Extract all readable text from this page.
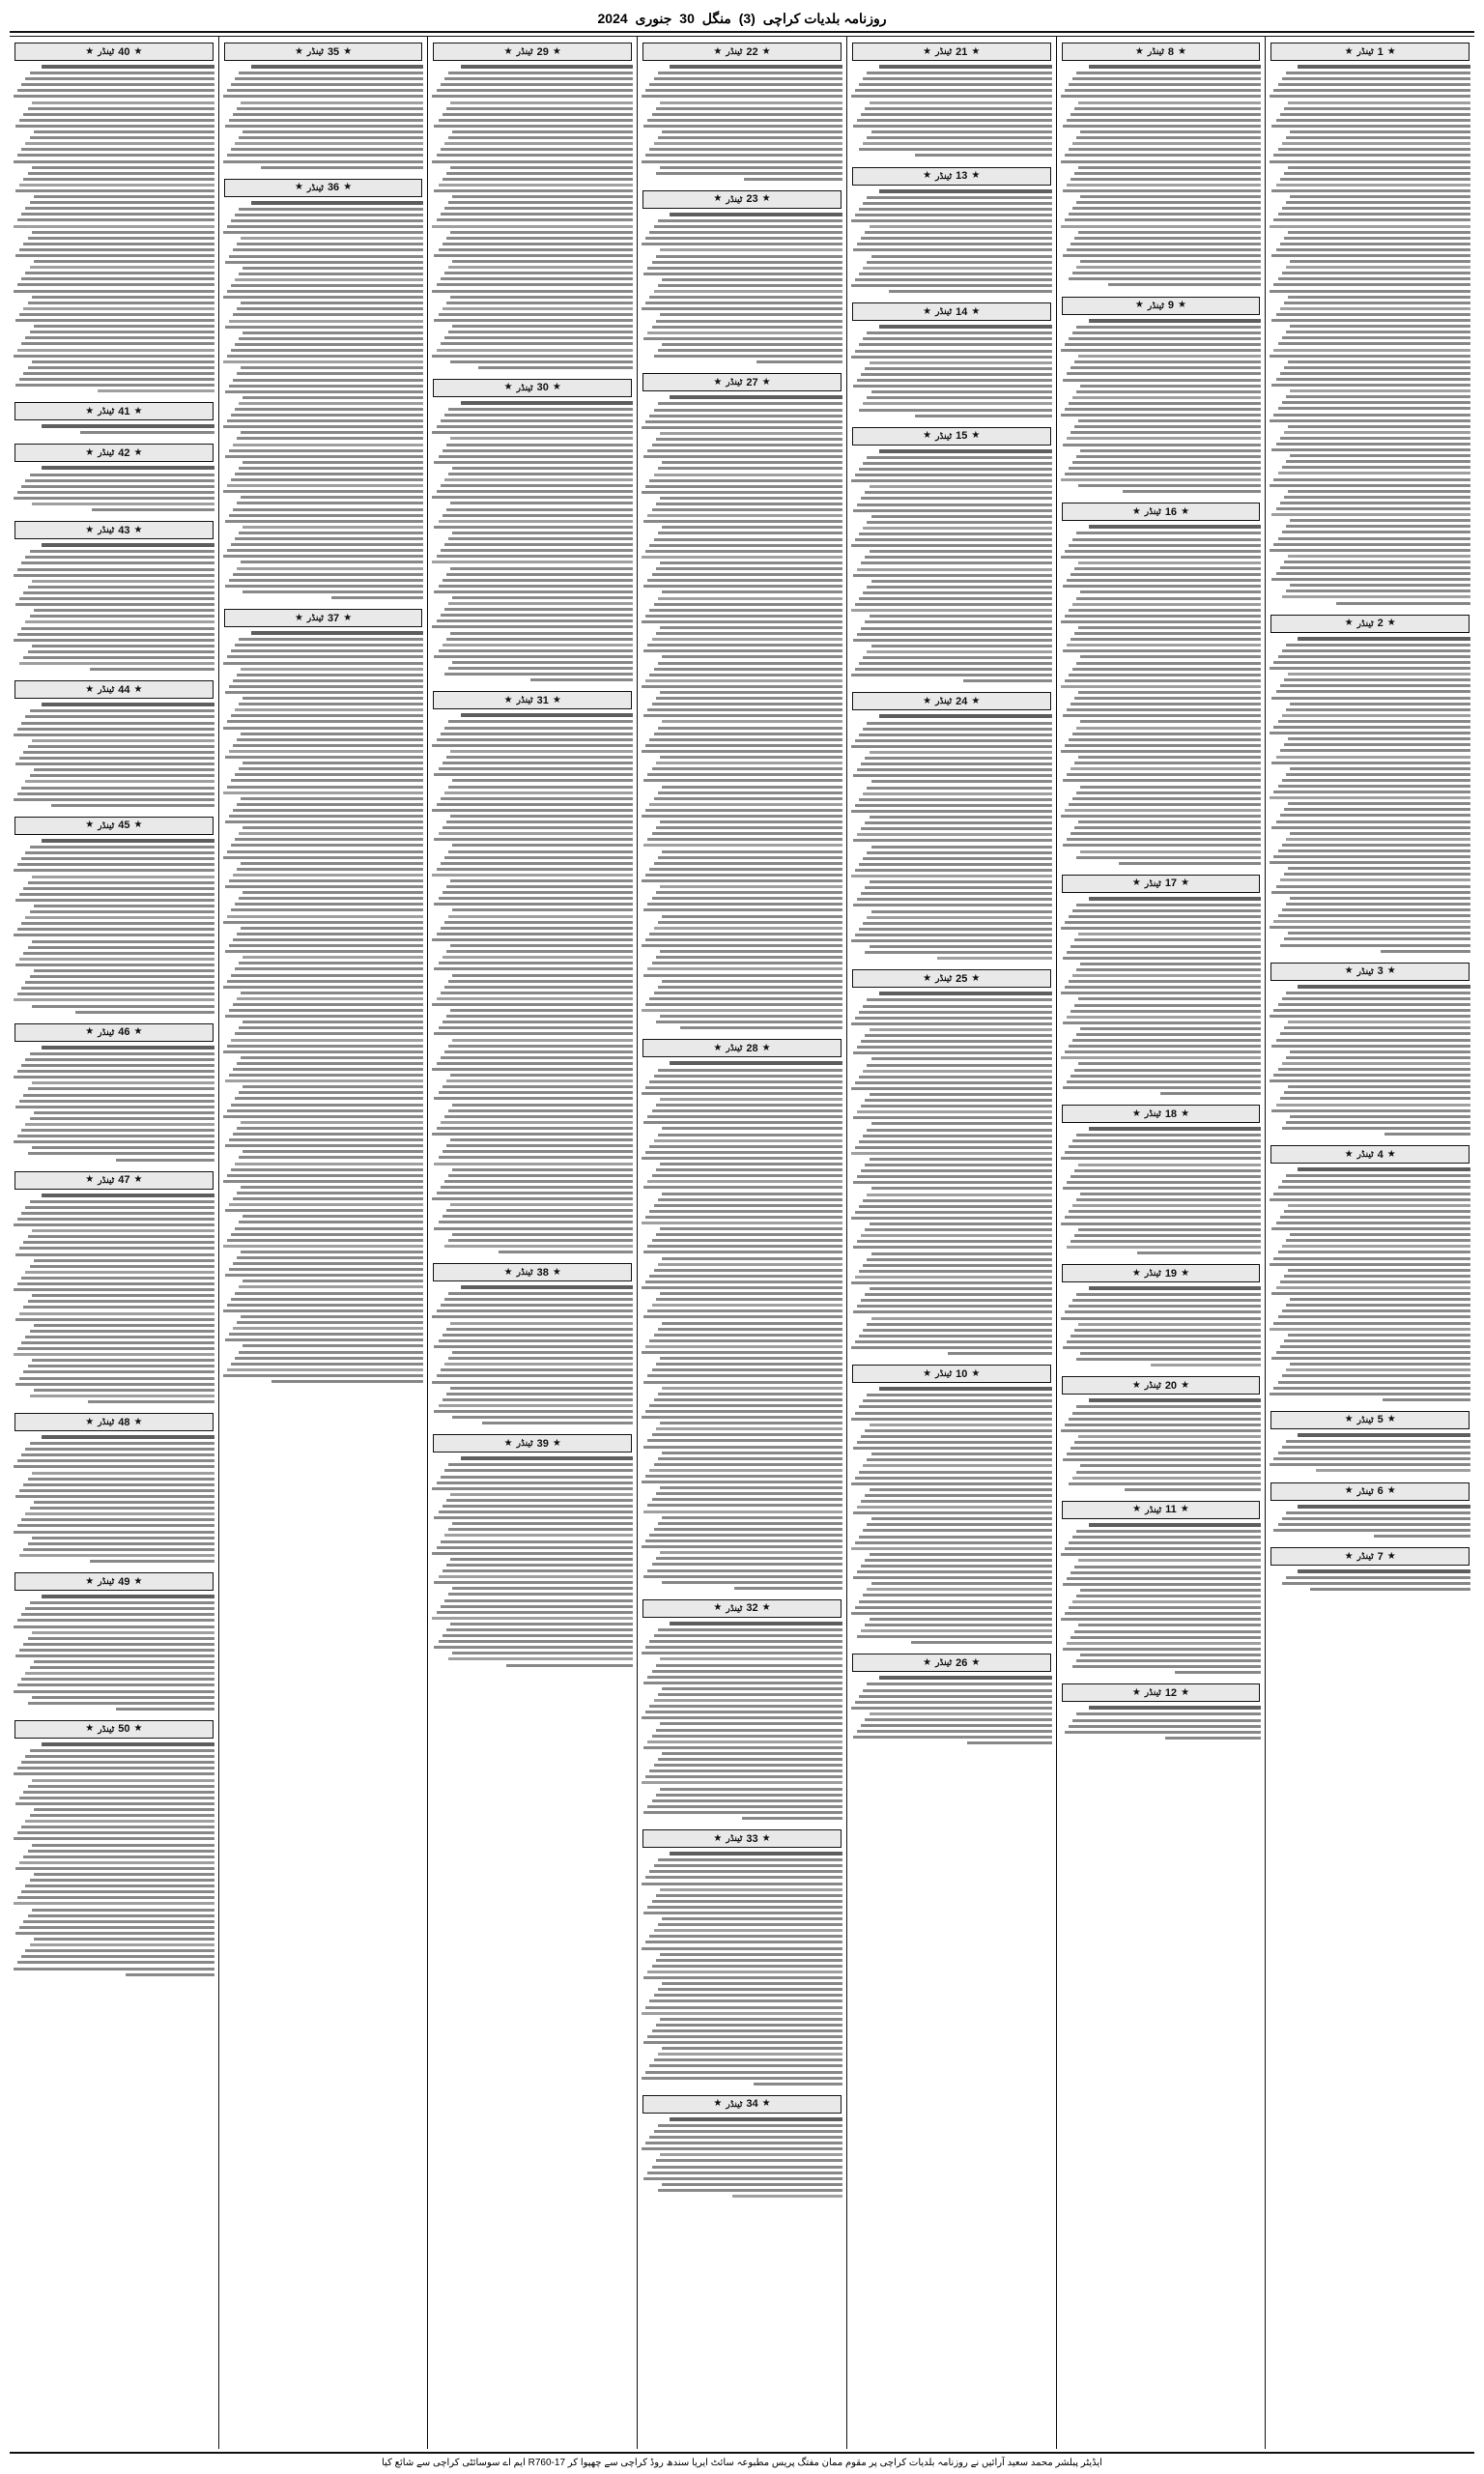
روزنامہ بلدیات کراچی (3) منگل 30 جنوری 2024
★
1
ٹینڈر
★
★
2
ٹینڈر
★
★
3
ٹینڈر
★
★
4
ٹینڈر
★
★
5
ٹینڈر
★
★
6
ٹینڈر
★
★
7
ٹینڈر
★
★
8
ٹینڈر
★
★
9
ٹینڈر
★
★
16
ٹینڈر
★
★
17
ٹینڈر
★
★
18
ٹینڈر
★
★
19
ٹینڈر
★
★
20
ٹینڈر
★
★
11
ٹینڈر
★
★
12
ٹینڈر
★
★
21
ٹینڈر
★
★
13
ٹینڈر
★
★
14
ٹینڈر
★
★
15
ٹینڈر
★
★
24
ٹینڈر
★
★
25
ٹینڈر
★
★
10
ٹینڈر
★
★
26
ٹینڈر
★
★
22
ٹینڈر
★
★
23
ٹینڈر
★
★
27
ٹینڈر
★
★
28
ٹینڈر
★
★
32
ٹینڈر
★
★
33
ٹینڈر
★
★
34
ٹینڈر
★
★
29
ٹینڈر
★
★
30
ٹینڈر
★
★
31
ٹینڈر
★
★
38
ٹینڈر
★
★
39
ٹینڈر
★
★
35
ٹینڈر
★
★
36
ٹینڈر
★
★
37
ٹینڈر
★
★
40
ٹینڈر
★
★
41
ٹینڈر
★
★
42
ٹینڈر
★
★
43
ٹینڈر
★
★
44
ٹینڈر
★
★
45
ٹینڈر
★
★
46
ٹینڈر
★
★
47
ٹینڈر
★
★
48
ٹینڈر
★
★
49
ٹینڈر
★
★
50
ٹینڈر
★
ایڈیٹر پبلشر محمد سعید آرائیں نے روزنامہ بلدیات کراچی پر مقوم ممان مفتگ پریس مطبوعہ سائٹ ایریا سندھ روڈ کراچی سے چھپوا کر R760-17 ایم اے سوسائٹی کراچی سے شائع کیا
